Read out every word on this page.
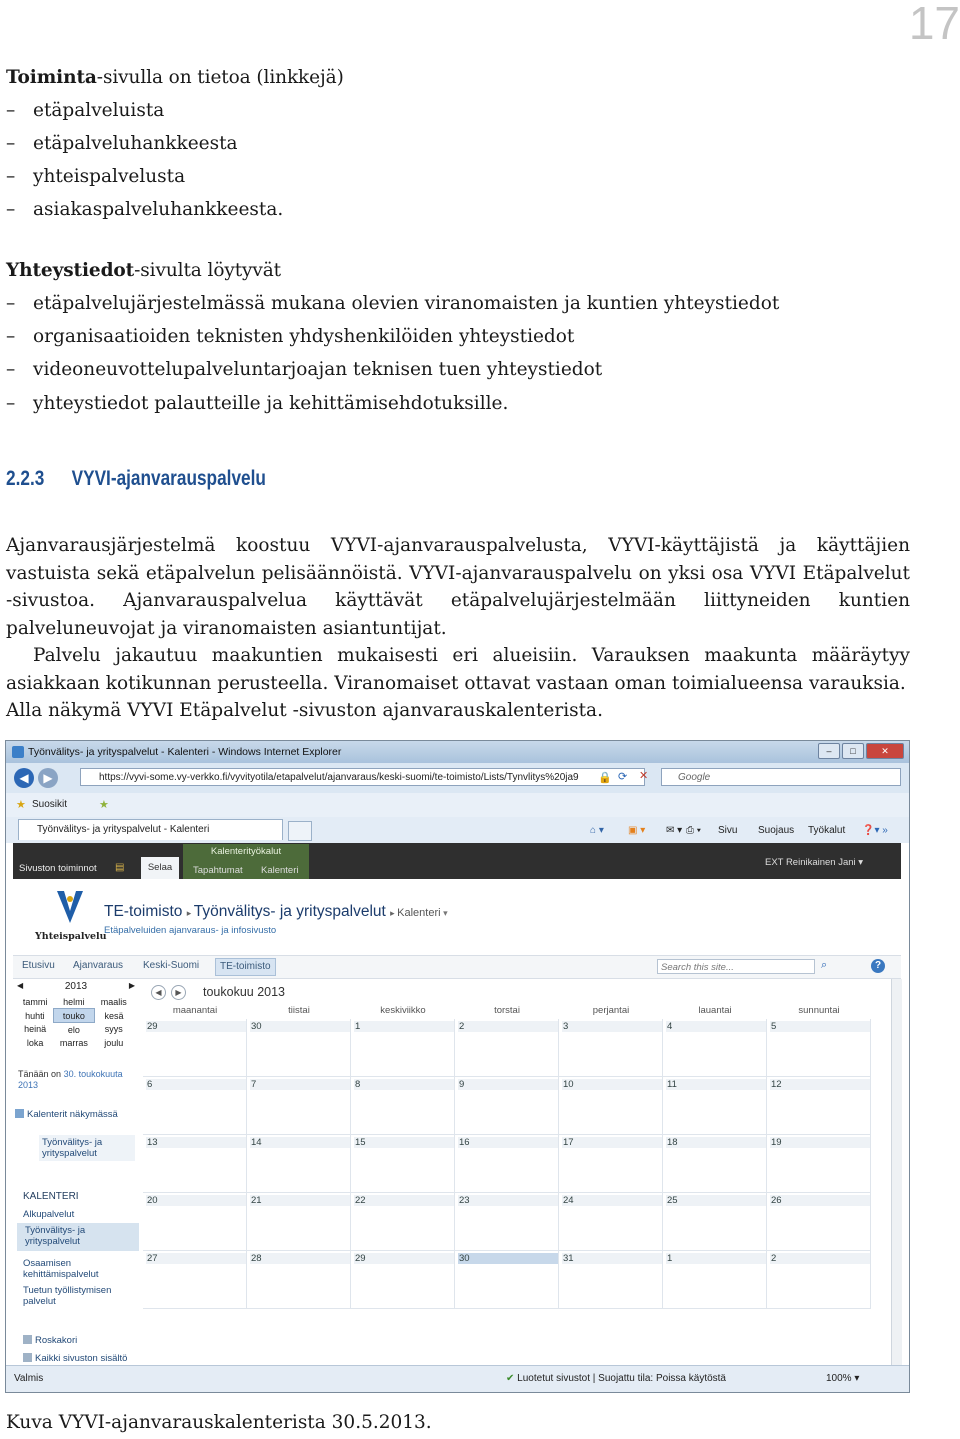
17
Toiminta-sivulla on tietoa (linkkejä)
– etäpalveluista
– etäpalveluhankkeesta
– yhteispalvelusta
– asiakaspalveluhankkeesta.
Yhteystiedot-sivulta löytyvät
– etäpalvelujärjestelmässä mukana olevien viranomaisten ja kuntien yhteystiedot
– organisaatioiden teknisten yhdyshenkilöiden yhteystiedot
– videoneuvottelupalveluntarjoajan teknisen tuen yhteystiedot
– yhteystiedot palautteille ja kehittämisehdotuksille.
2.2.3 VYVI-ajanvarauspalvelu
Ajanvarausjärjestelmä koostuu VYVI-ajanvarauspalvelusta, VYVI-käyttäjistä ja käyttäjien vastuista sekä etäpalvelun pelisäännöistä. VYVI-ajanvarauspalvelu on yksi osa VYVI Etäpalvelut -sivustoa. Ajanvarauspalvelua käyttävät etäpalvelujärjestelmään liittyneiden kuntien palveluneuvojat ja viranomaisten asiantuntijat.
Palvelu jakautuu maakuntien mukaisesti eri alueisiin. Varauksen maakunta määräytyy asiakkaan kotikunnan perusteella. Viranomaiset ottavat vastaan oman toimialueensa varauksia.
Alla näkymä VYVI Etäpalvelut -sivuston ajanvarauskalenterista.
Työnvälitys- ja yrityspalvelut - Kalenteri - Windows Internet Explorer	–	□	✕
◀	▶	https://vyvi-some.vy-verkko.fi/vyvityotila/etapalvelut/ajanvaraus/keski-suomi/te-toimisto/Lists/Tynvlitys%20ja9	🔒 ⟳ ✕	Google
★ Suosikit	★
Työnvälitys- ja yrityspalvelut - Kalenteri	⌂ ▾ ▣ ▾ ✉ ▾ ⎙ ▾ Sivu Suojaus Työkalut ❓▾ »
Sivuston toiminnot ▤	Selaa
Kalenterityökalut
Tapahtumat Kalenteri
EXT Reinikainen Jani ▾
Yhteispalvelu
TE-toimisto ▸ Työnvälitys- ja yrityspalvelut ▸ Kalenteri ▾
Etäpalveluiden ajanvaraus- ja infosivusto
Etusivu Ajanvaraus Keski-Suomi	TE-toimisto	Search this site...	⌕	?
◀	2013	▶
tammi	helmi	maalis
huhti	touko	kesä
heinä	elo	syys
loka	marras	joulu
Tänään on 30. toukokuuta 2013
Kalenterit näkymässä
Työnvälitys- ja yrityspalvelut
KALENTERI
Alkupalvelut
Työnvälitys- ja yrityspalvelut
Osaamisen kehittämispalvelut
Tuetun työllistymisen palvelut
Roskakori
Kaikki sivuston sisältö
◀	▶	toukokuu 2013
maanantai	tiistai	keskiviikko	torstai	perjantai	lauantai	sunnuntai
29	30	1	2	3	4	5
6	7	8	9	10	11	12
13	14	15	16	17	18	19
20	21	22	23	24	25	26
27	28	29	30	31	1	2
Valmis	✔ Luotetut sivustot | Suojattu tila: Poissa käytöstä	100% ▾
Kuva VYVI-ajanvarauskalenterista 30.5.2013.
